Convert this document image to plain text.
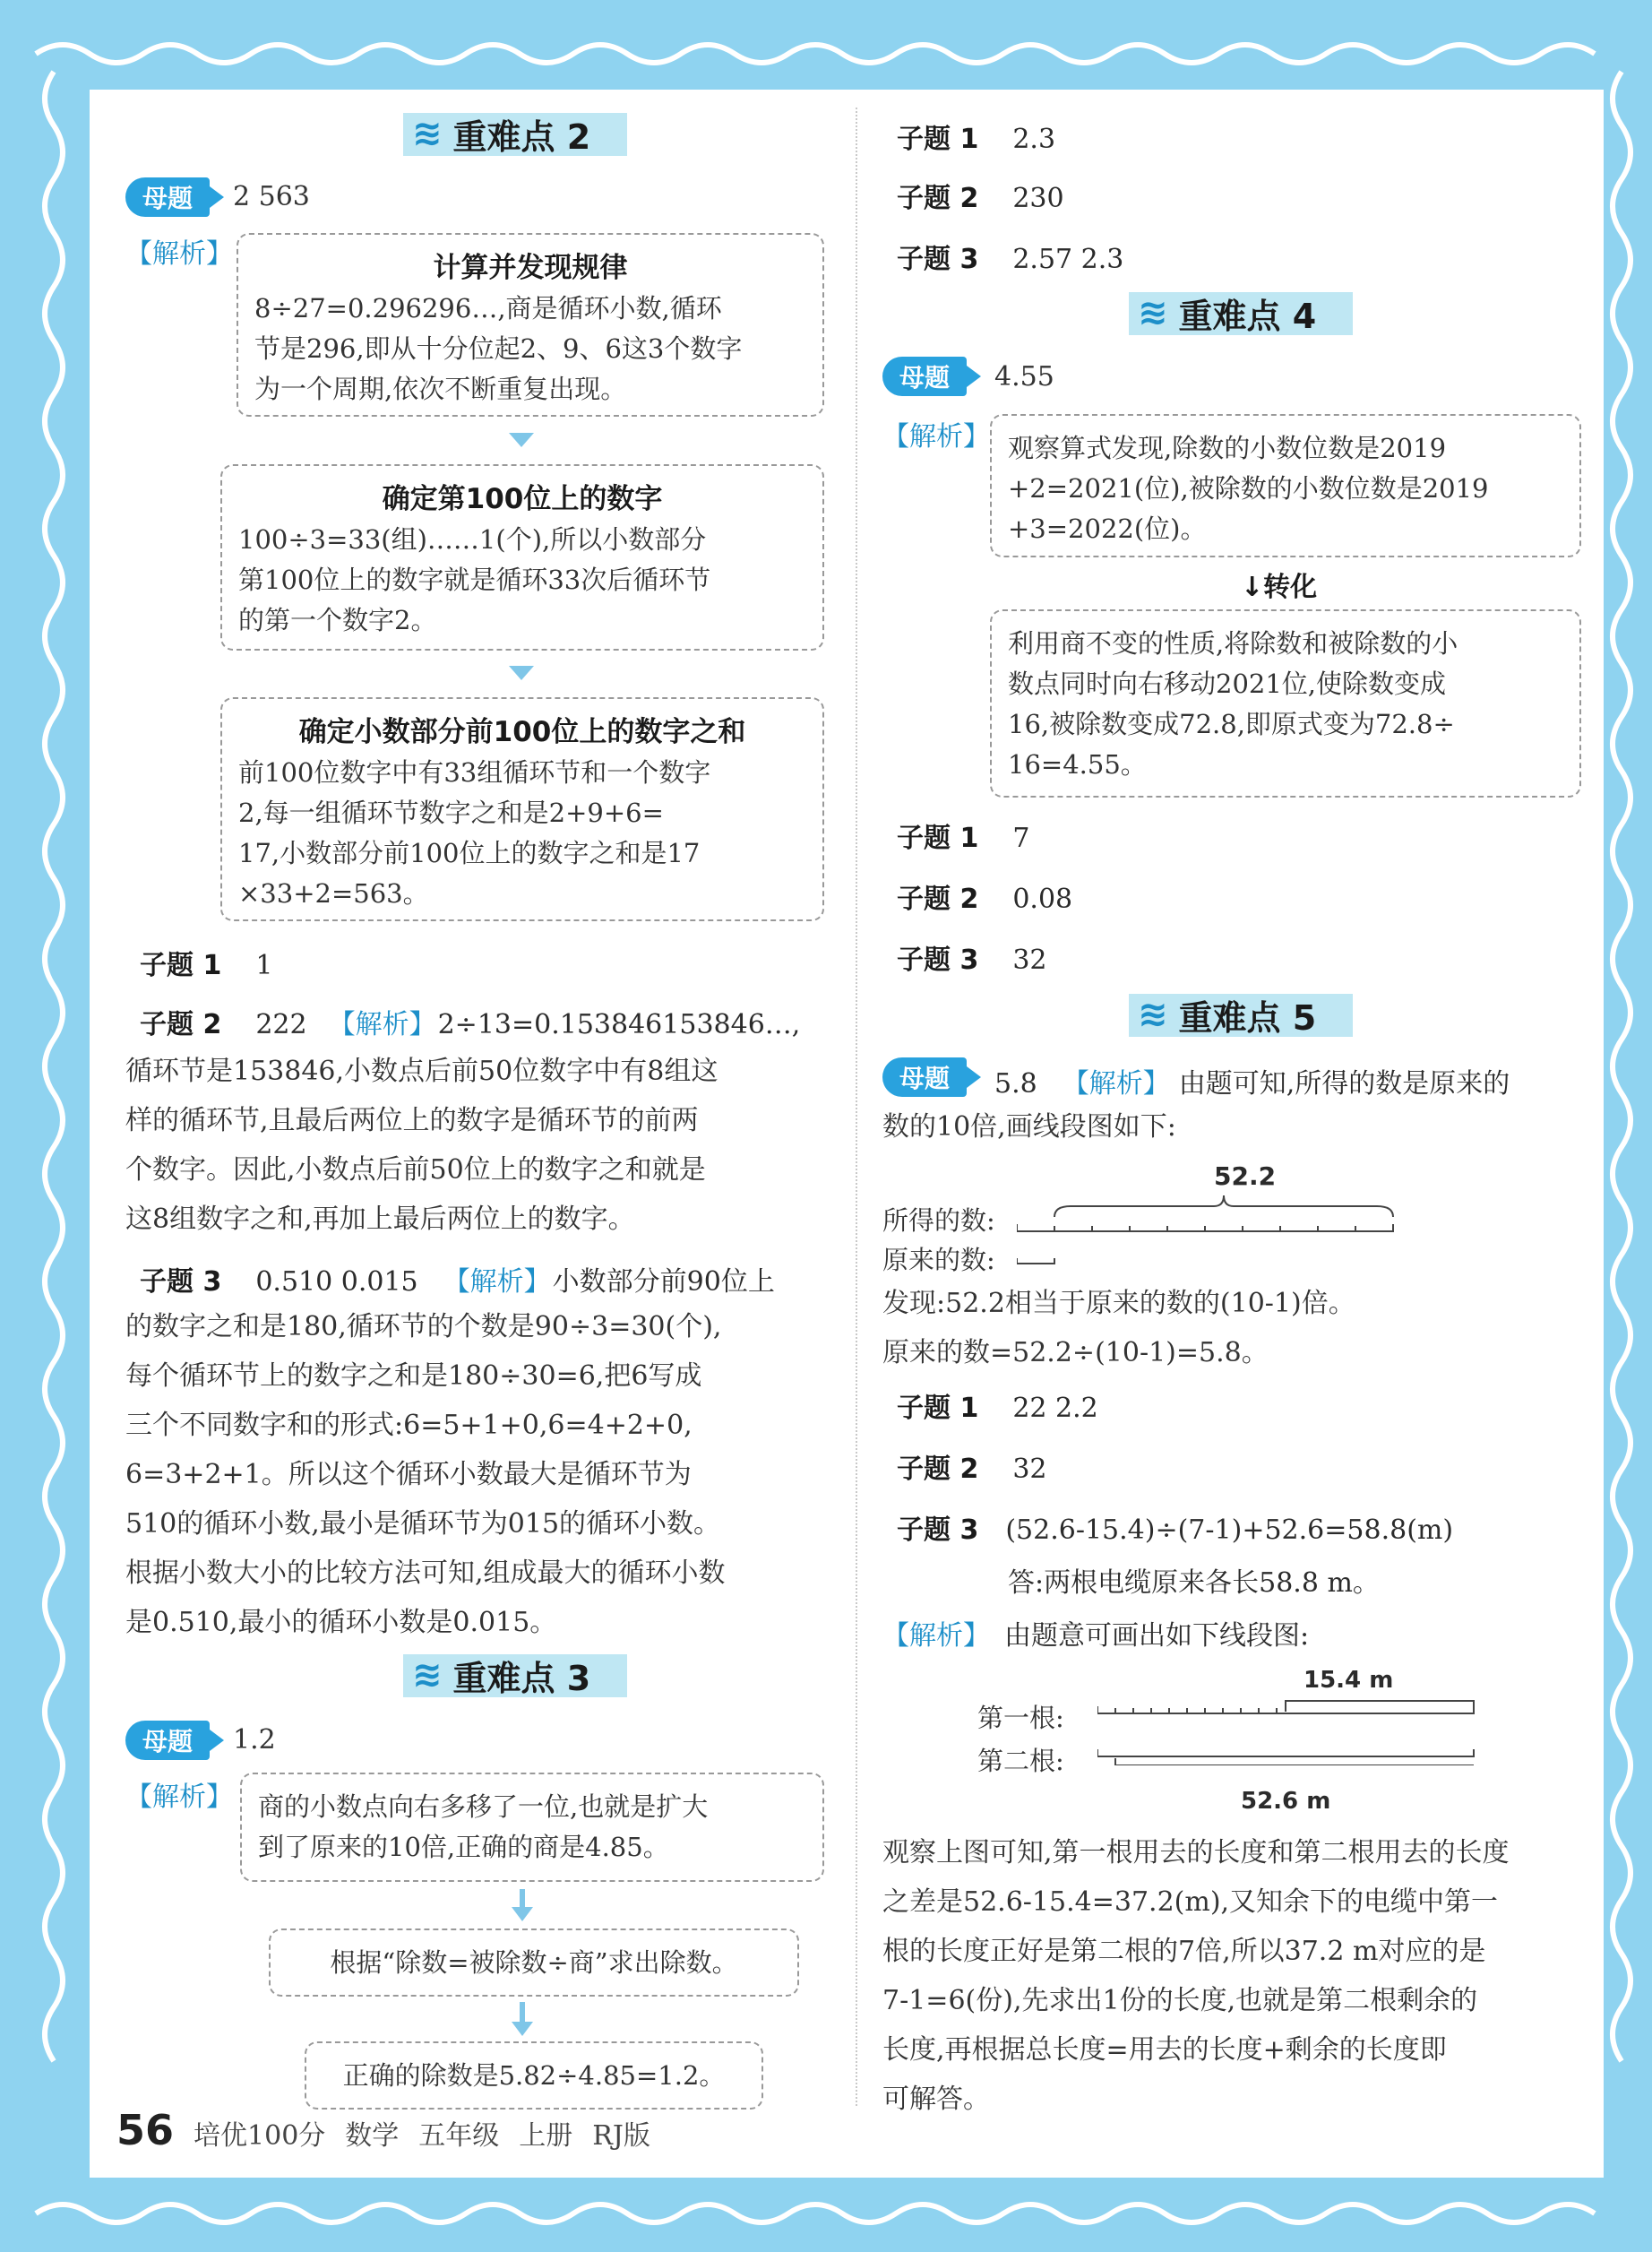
≋ 重难点 2
母题	2 563
【解析】	计算并发现规律
8÷27=0.296296…,商是循环小数,循环
节是296,即从十分位起2、9、6这3个数字
为一个周期,依次不断重复出现。
确定第100位上的数字
100÷3=33(组)……1(个),所以小数部分
第100位上的数字就是循环33次后循环节
的第一个数字2。
确定小数部分前100位上的数字之和
前100位数字中有33组循环节和一个数字
2,每一组循环节数字之和是2+9+6=
17,小数部分前100位上的数字之和是17
×33+2=563。
子题 1 1
子题 2 222 【解析】 2÷13=0.153846153846…,
循环节是153846,小数点后前50位数字中有8组这
样的循环节,且最后两位上的数字是循环节的前两
个数字。因此,小数点后前50位上的数字之和就是
这8组数字之和,再加上最后两位上的数字。
子题 3 0.510 0.015 【解析】 小数部分前90位上
的数字之和是180,循环节的个数是90÷3=30(个),
每个循环节上的数字之和是180÷30=6,把6写成
三个不同数字和的形式:6=5+1+0,6=4+2+0,
6=3+2+1。所以这个循环小数最大是循环节为
510的循环小数,最小是循环节为015的循环小数。
根据小数大小的比较方法可知,组成最大的循环小数
是0.510,最小的循环小数是0.015。
≋ 重难点 3
母题	1.2
【解析】 商的小数点向右多移了一位,也就是扩大
到了原来的10倍,正确的商是4.85。
根据“除数=被除数÷商”求出除数。
正确的除数是5.82÷4.85=1.2。
子题 1 2.3
子题 2 230
子题 3 2.57 2.3
≋ 重难点 4
母题	4.55
【解析】 观察算式发现,除数的小数位数是2019
+2=2021(位),被除数的小数位数是2019
+3=2022(位)。
↓转化
利用商不变的性质,将除数和被除数的小
数点同时向右移动2021位,使除数变成
16,被除数变成72.8,即原式变为72.8÷
16=4.55。
子题 1 7
子题 2 0.08
子题 3 32
≋ 重难点 5
母题	5.8 【解析】 由题可知,所得的数是原来的
数的10倍,画线段图如下:
52.2
所得的数:
原来的数:
发现:52.2相当于原来的数的(10-1)倍。
原来的数=52.2÷(10-1)=5.8。
子题 1 22 2.2
子题 2 32
子题 3 (52.6-15.4)÷(7-1)+52.6=58.8(m)
答:两根电缆原来各长58.8 m。
【解析】 由题意可画出如下线段图:
15.4 m
第一根:
第二根:
52.6 m
观察上图可知,第一根用去的长度和第二根用去的长度
之差是52.6-15.4=37.2(m),又知余下的电缆中第一
根的长度正好是第二根的7倍,所以37.2 m对应的是
7-1=6(份),先求出1份的长度,也就是第二根剩余的
长度,再根据总长度=用去的长度+剩余的长度即
可解答。
56 培优100分 数学 五年级 上册 RJ版
